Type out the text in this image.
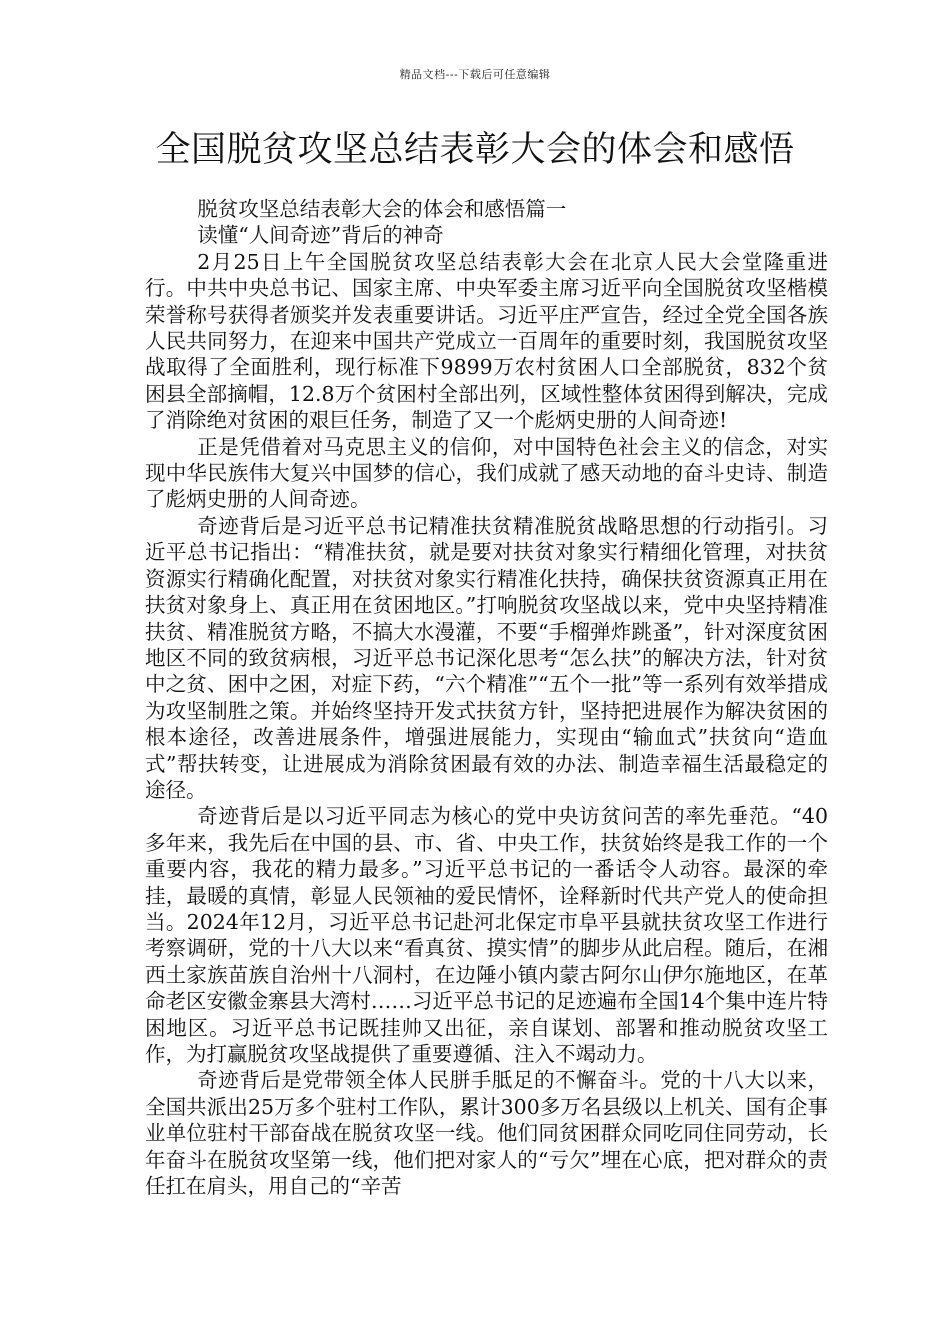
精品文档---下载后可任意编辑
全国脱贫攻坚总结表彰大会的体会和感悟

脱贫攻坚总结表彰大会的体会和感悟篇一

读懂“人间奇迹”背后的神奇

2月25日上午全国脱贫攻坚总结表彰大会在北京人民大会堂隆重进行。中共中央总书记、国家主席、中央军委主席习近平向全国脱贫攻坚楷模荣誉称号获得者颁奖并发表重要讲话。习近平庄严宣告，经过全党全国各族人民共同努力，在迎来中国共产党成立一百周年的重要时刻，我国脱贫攻坚战取得了全面胜利，现行标准下9899万农村贫困人口全部脱贫，832个贫困县全部摘帽，12.8万个贫困村全部出列，区域性整体贫困得到解决，完成了消除绝对贫困的艰巨任务，制造了又一个彪炳史册的人间奇迹!

正是凭借着对马克思主义的信仰，对中国特色社会主义的信念，对实现中华民族伟大复兴中国梦的信心，我们成就了感天动地的奋斗史诗、制造了彪炳史册的人间奇迹。

奇迹背后是习近平总书记精准扶贫精准脱贫战略思想的行动指引。习近平总书记指出：“精准扶贫，就是要对扶贫对象实行精细化管理，对扶贫资源实行精确化配置，对扶贫对象实行精准化扶持，确保扶贫资源真正用在扶贫对象身上、真正用在贫困地区。”打响脱贫攻坚战以来，党中央坚持精准扶贫、精准脱贫方略，不搞大水漫灌，不要“手榴弹炸跳蚤”，针对深度贫困地区不同的致贫病根，习近平总书记深化思考“怎么扶”的解决方法，针对贫中之贫、困中之困，对症下药，“六个精准”“五个一批”等一系列有效举措成为攻坚制胜之策。并始终坚持开发式扶贫方针，坚持把进展作为解决贫困的根本途径，改善进展条件，增强进展能力，实现由“输血式”扶贫向“造血式”帮扶转变，让进展成为消除贫困最有效的办法、制造幸福生活最稳定的途径。

奇迹背后是以习近平同志为核心的党中央访贫问苦的率先垂范。“40多年来，我先后在中国的县、市、省、中央工作，扶贫始终是我工作的一个重要内容，我花的精力最多。”习近平总书记的一番话令人动容。最深的牵挂，最暖的真情，彰显人民领袖的爱民情怀，诠释新时代共产党人的使命担当。2024年12月，习近平总书记赴河北保定市阜平县就扶贫攻坚工作进行考察调研，党的十八大以来“看真贫、摸实情”的脚步从此启程。随后，在湘西土家族苗族自治州十八洞村，在边陲小镇内蒙古阿尔山伊尔施地区，在革命老区安徽金寨县大湾村……习近平总书记的足迹遍布全国14个集中连片特困地区。习近平总书记既挂帅又出征，亲自谋划、部署和推动脱贫攻坚工作，为打赢脱贫攻坚战提供了重要遵循、注入不竭动力。

奇迹背后是党带领全体人民胼手胝足的不懈奋斗。党的十八大以来，全国共派出25万多个驻村工作队，累计300多万名县级以上机关、国有企事业单位驻村干部奋战在脱贫攻坚一线。他们同贫困群众同吃同住同劳动，长年奋斗在脱贫攻坚第一线，他们把对家人的“亏欠”埋在心底，把对群众的责任扛在肩头，用自己的“辛苦
